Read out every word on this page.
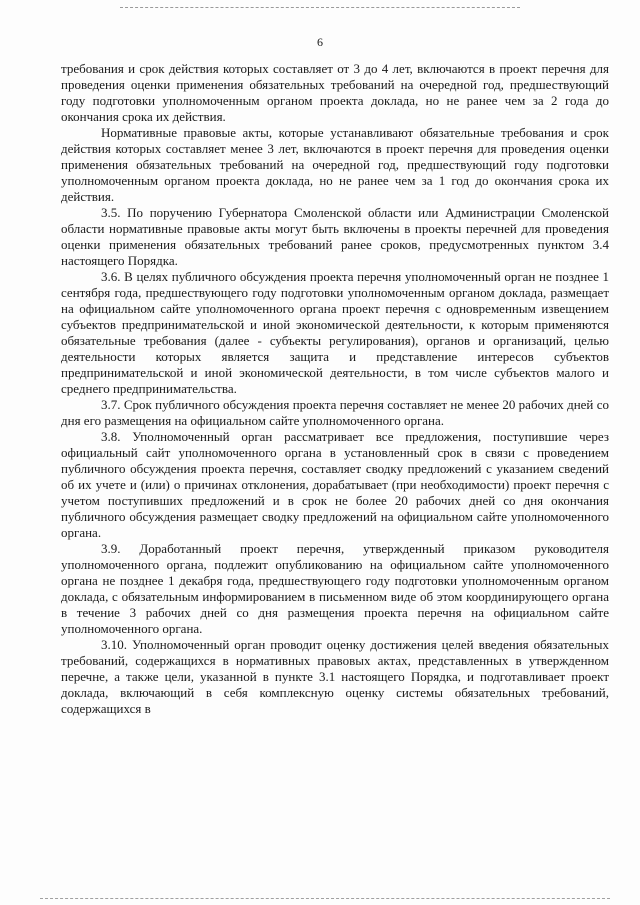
6

требования и срок действия которых составляет от 3 до 4 лет, включаются в проект перечня для проведения оценки применения обязательных требований на очередной год, предшествующий году подготовки уполномоченным органом проекта доклада, но не ранее чем за 2 года до окончания срока их действия.

Нормативные правовые акты, которые устанавливают обязательные требования и срок действия которых составляет менее 3 лет, включаются в проект перечня для проведения оценки применения обязательных требований на очередной год, предшествующий году подготовки уполномоченным органом проекта доклада, но не ранее чем за 1 год до окончания срока их действия.

3.5. По поручению Губернатора Смоленской области или Администрации Смоленской области нормативные правовые акты могут быть включены в проекты перечней для проведения оценки применения обязательных требований ранее сроков, предусмотренных пунктом 3.4 настоящего Порядка.

3.6. В целях публичного обсуждения проекта перечня уполномоченный орган не позднее 1 сентября года, предшествующего году подготовки уполномоченным органом доклада, размещает на официальном сайте уполномоченного органа проект перечня с одновременным извещением субъектов предпринимательской и иной экономической деятельности, к которым применяются обязательные требования (далее - субъекты регулирования), органов и организаций, целью деятельности которых является защита и представление интересов субъектов предпринимательской и иной экономической деятельности, в том числе субъектов малого и среднего предпринимательства.

3.7. Срок публичного обсуждения проекта перечня составляет не менее 20 рабочих дней со дня его размещения на официальном сайте уполномоченного органа.

3.8. Уполномоченный орган рассматривает все предложения, поступившие через официальный сайт уполномоченного органа в установленный срок в связи с проведением публичного обсуждения проекта перечня, составляет сводку предложений с указанием сведений об их учете и (или) о причинах отклонения, дорабатывает (при необходимости) проект перечня с учетом поступивших предложений и в срок не более 20 рабочих дней со дня окончания публичного обсуждения размещает сводку предложений на официальном сайте уполномоченного органа.

3.9. Доработанный проект перечня, утвержденный приказом руководителя уполномоченного органа, подлежит опубликованию на официальном сайте уполномоченного органа не позднее 1 декабря года, предшествующего году подготовки уполномоченным органом доклада, с обязательным информированием в письменном виде об этом координирующего органа в течение 3 рабочих дней со дня размещения проекта перечня на официальном сайте уполномоченного органа.

3.10. Уполномоченный орган проводит оценку достижения целей введения обязательных требований, содержащихся в нормативных правовых актах, представленных в утвержденном перечне, а также цели, указанной в пункте 3.1 настоящего Порядка, и подготавливает проект доклада, включающий в себя комплексную оценку системы обязательных требований, содержащихся в
